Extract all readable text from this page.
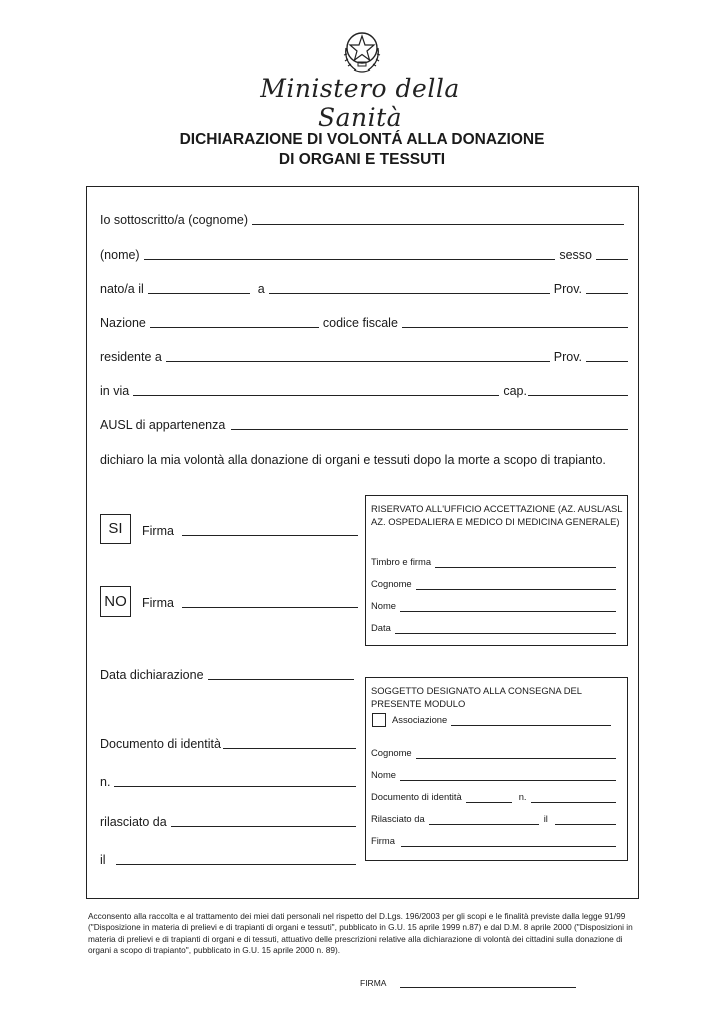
Ministero della Sanità
DICHIARAZIONE DI VOLONTÁ ALLA DONAZIONE
DI ORGANI E TESSUTI
Io sottoscritto/a (cognome)
(nome)	sesso
nato/a il	a	Prov.
Nazione	codice fiscale
residente a	Prov.
in via	cap.
AUSL di appartenenza
dichiaro la mia volontà alla donazione di organi e tessuti dopo la morte a scopo di trapianto.
SI	Firma
NO	Firma
Data dichiarazione
Documento di identità
n.
rilasciato da
il
RISERVATO ALL'UFFICIO ACCETTAZIONE (AZ. AUSL/ASL AZ. OSPEDALIERA E MEDICO DI MEDICINA GENERALE)
Timbro e firma
Cognome
Nome
Data
SOGGETTO DESIGNATO ALLA CONSEGNA DEL PRESENTE MODULO
Associazione
Cognome
Nome
Documento di identità	n.
Rilasciato da	il
Firma
Acconsento alla raccolta e al trattamento dei miei dati personali nel rispetto del D.Lgs. 196/2003 per gli scopi e le finalità previste dalla legge 91/99 ("Disposizione in materia di prelievi e di trapianti di organi e tessuti", pubblicato in G.U. 15 aprile 1999 n.87) e dal D.M. 8 aprile 2000 ("Disposizioni in materia di prelievi e di trapianti di organi e di tessuti, attuativo delle prescrizioni relative alla dichiarazione di volontà dei cittadini sulla donazione di organi a scopo di trapianto", pubblicato in G.U. 15 aprile 2000 n. 89).
FIRMA
